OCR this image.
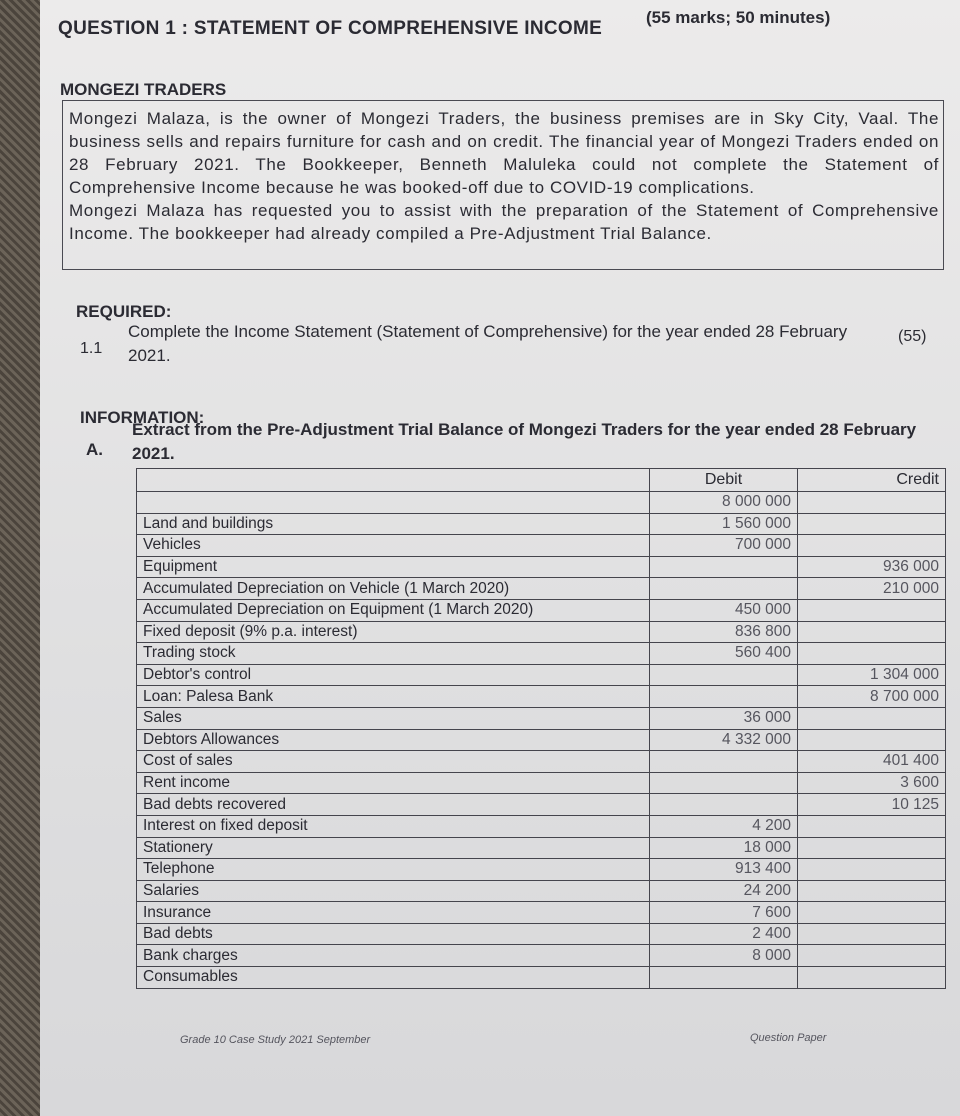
QUESTION 1 : STATEMENT OF COMPREHENSIVE INCOME
(55 marks; 50 minutes)
MONGEZI TRADERS

Mongezi Malaza, is the owner of Mongezi Traders, the business premises are in Sky City, Vaal. The business sells and repairs furniture for cash and on credit. The financial year of Mongezi Traders ended on 28 February 2021. The Bookkeeper, Benneth Maluleka could not complete the Statement of Comprehensive Income because he was booked-off due to COVID-19 complications.

Mongezi Malaza has requested you to assist with the preparation of the Statement of Comprehensive Income. The bookkeeper had already compiled a Pre-Adjustment Trial Balance.

REQUIRED:
1.1
Complete the Income Statement (Statement of Comprehensive) for the year ended 28 February 2021.
(55)
INFORMATION:
A.
Extract from the Pre-Adjustment Trial Balance of Mongezi Traders for the year ended 28 February 2021.
	Debit	Credit
	8 000 000	
Land and buildings	1 560 000	
Vehicles	700 000	
Equipment		936 000
Accumulated Depreciation on Vehicle (1 March 2020)		210 000
Accumulated Depreciation on Equipment (1 March 2020)	450 000	
Fixed deposit (9% p.a. interest)	836 800	
Trading stock	560 400	
Debtor's control		1 304 000
Loan: Palesa Bank		8 700 000
Sales	36 000	
Debtors Allowances	4 332 000	
Cost of sales		401 400
Rent income		3 600
Bad debts recovered		10 125
Interest on fixed deposit	4 200	
Stationery	18 000	
Telephone	913 400	
Salaries	24 200	
Insurance	7 600	
Bad debts	2 400	
Bank charges	8 000	
Consumables		
Grade 10 Case Study 2021 September	Question Paper
